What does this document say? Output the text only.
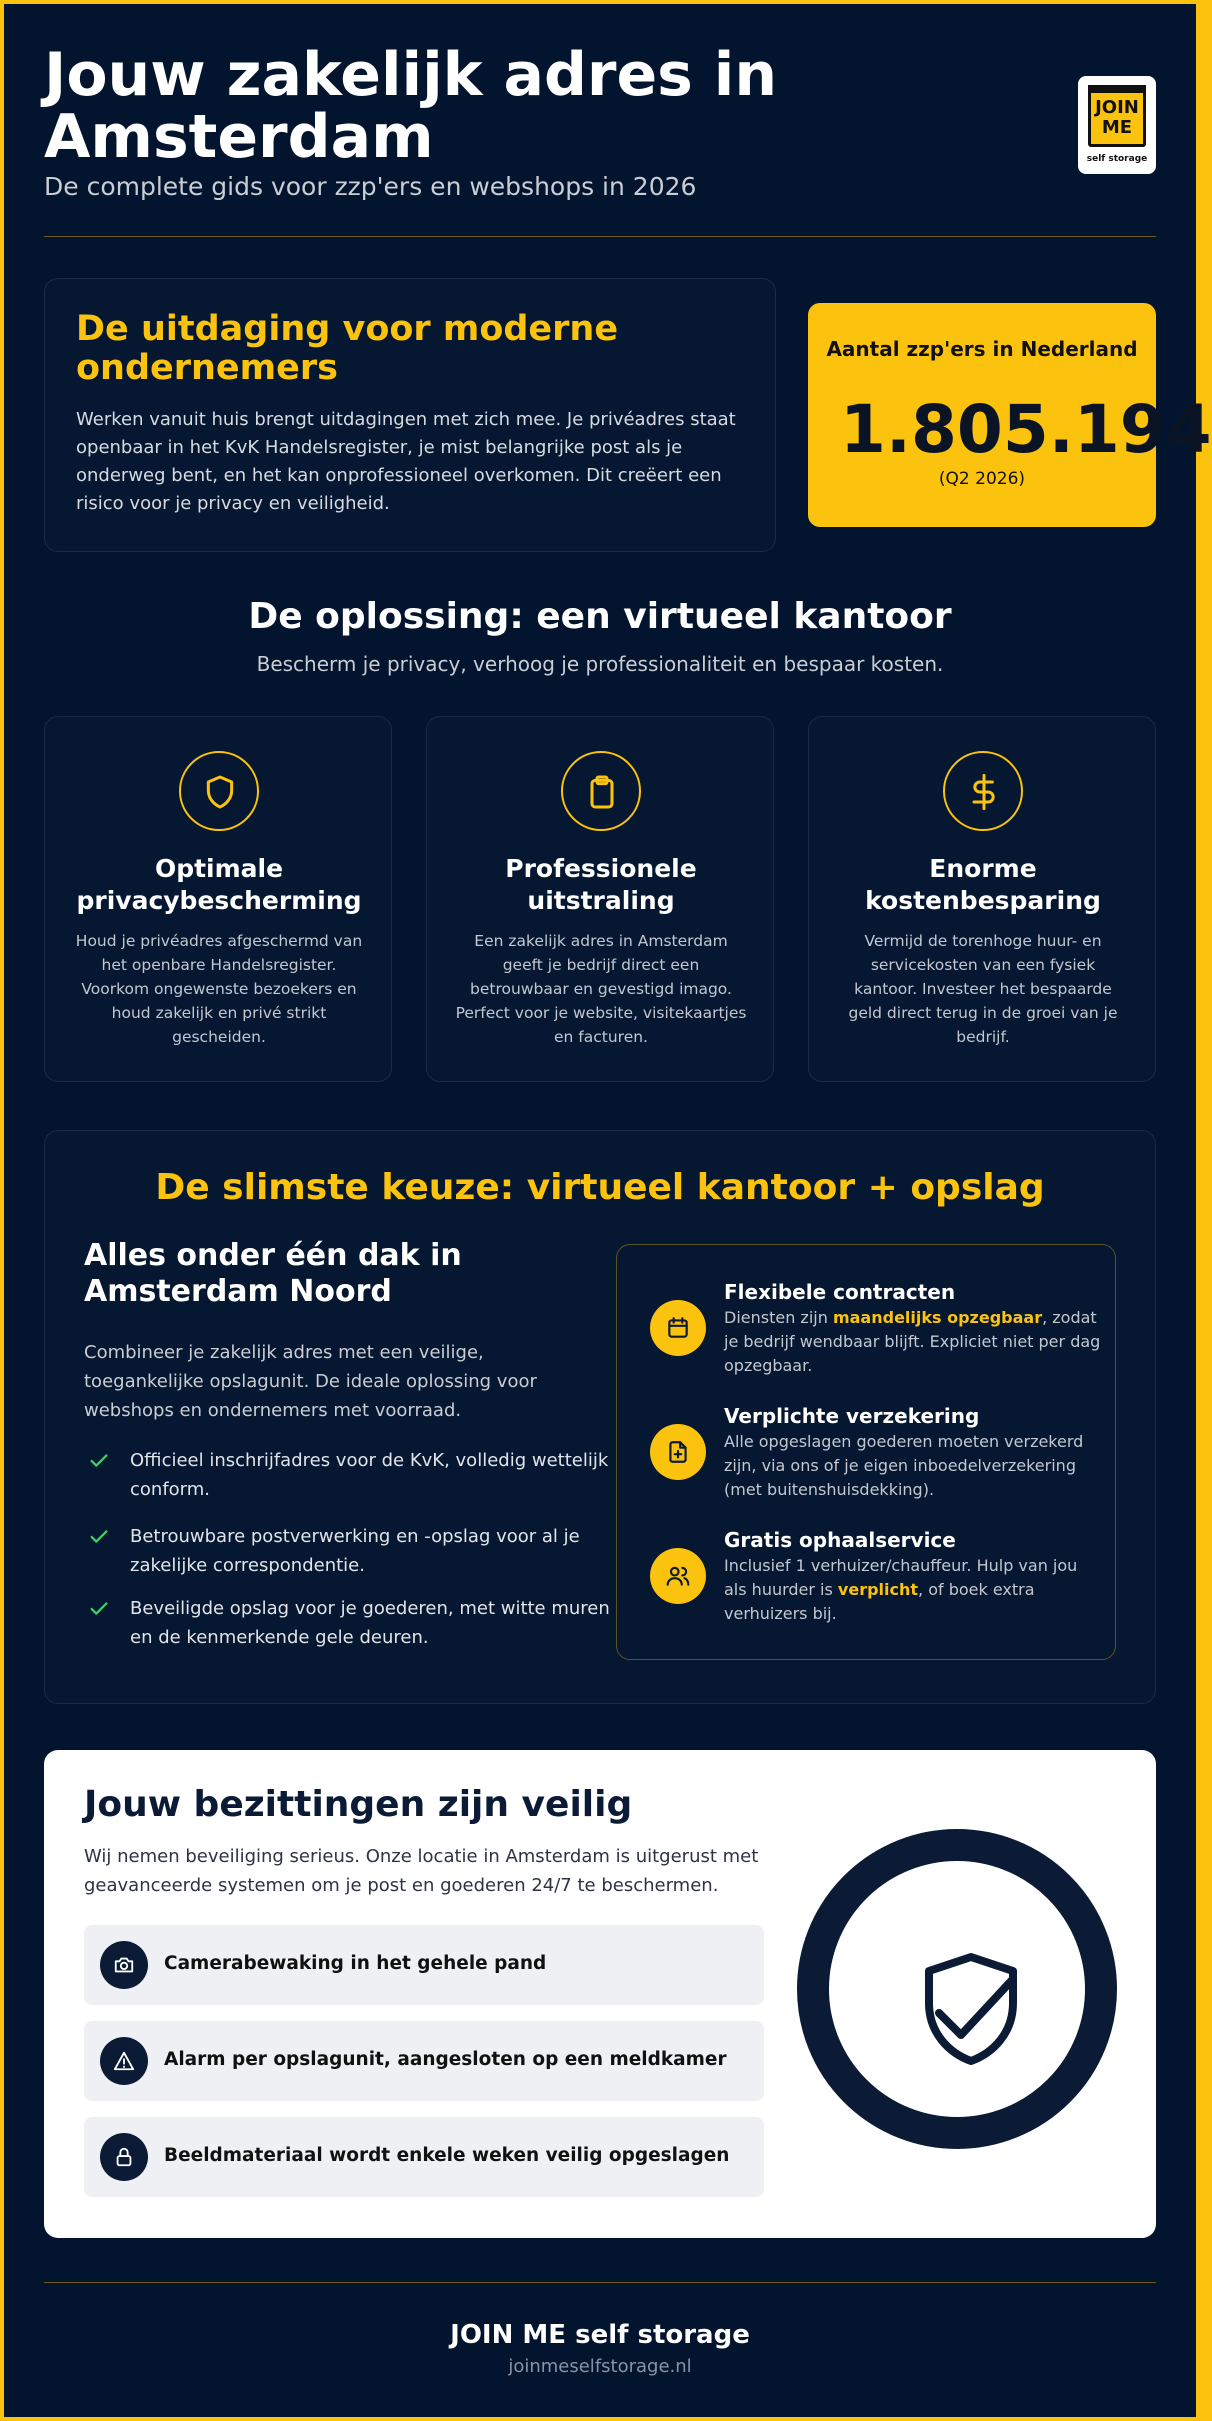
Jouw zakelijk adres in Amsterdam
De complete gids voor zzp'ers en webshops in 2026
JOIN ME
self storage
De uitdaging voor moderne ondernemers
Werken vanuit huis brengt uitdagingen met zich mee. Je privéadres staat openbaar in het KvK Handelsregister, je mist belangrijke post als je onderweg bent, en het kan onprofessioneel overkomen. Dit creëert een risico voor je privacy en veiligheid.
Aantal zzp'ers in Nederland
1.805.194
(Q2 2026)
De oplossing: een virtueel kantoor
Bescherm je privacy, verhoog je professionaliteit en bespaar kosten.
Optimale privacybescherming
Houd je privéadres afgeschermd van het openbare Handelsregister. Voorkom ongewenste bezoekers en houd zakelijk en privé strikt gescheiden.
Professionele uitstraling
Een zakelijk adres in Amsterdam geeft je bedrijf direct een betrouwbaar en gevestigd imago. Perfect voor je website, visitekaartjes en facturen.
Enorme kostenbesparing
Vermijd de torenhoge huur- en servicekosten van een fysiek kantoor. Investeer het bespaarde geld direct terug in de groei van je bedrijf.
De slimste keuze: virtueel kantoor + opslag
Alles onder één dak in Amsterdam Noord
Combineer je zakelijk adres met een veilige, toegankelijke opslagunit. De ideale oplossing voor webshops en ondernemers met voorraad.
Officieel inschrijfadres voor de KvK, volledig wettelijk conform.
Betrouwbare postverwerking en -opslag voor al je zakelijke correspondentie.
Beveiligde opslag voor je goederen, met witte muren en de kenmerkende gele deuren.
Flexibele contracten
Diensten zijn maandelijks opzegbaar, zodat je bedrijf wendbaar blijft. Expliciet niet per dag opzegbaar.
Verplichte verzekering
Alle opgeslagen goederen moeten verzekerd zijn, via ons of je eigen inboedelverzekering (met buitenshuisdekking).
Gratis ophaalservice
Inclusief 1 verhuizer/chauffeur. Hulp van jou als huurder is verplicht, of boek extra verhuizers bij.
Jouw bezittingen zijn veilig
Wij nemen beveiliging serieus. Onze locatie in Amsterdam is uitgerust met geavanceerde systemen om je post en goederen 24/7 te beschermen.
Camerabewaking in het gehele pand
Alarm per opslagunit, aangesloten op een meldkamer
Beeldmateriaal wordt enkele weken veilig opgeslagen
JOIN ME self storage
joinmeselfstorage.nl
